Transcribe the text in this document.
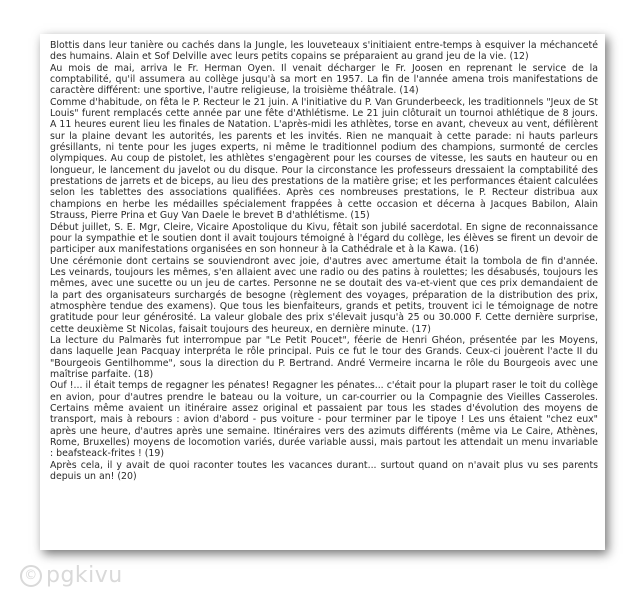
Blottis dans leur tanière ou cachés dans la Jungle, les louveteaux s'initiaient entre-temps à esquiver la méchanceté des humains. Alain et Sof Delville avec leurs petits copains se préparaient au grand jeu de la vie. (12)

Au mois de mai, arriva le Fr. Herman Oyen. Il venait décharger le Fr. Joosen en reprenant le service de la comptabilité, qu'il assumera au collège jusqu'à sa mort en 1957. La fin de l'année amena trois manifestations de caractère différent: une sportive, l'autre religieuse, la troisième théâtrale. (14)

Comme d'habitude, on fêta le P. Recteur le 21 juin. A l'initiative du P. Van Grunderbeeck, les traditionnels "Jeux de St Louis" furent remplacés cette année par une fête d'Athlétisme. Le 21 juin clôturait un tournoi athlétique de 8 jours. A 11 heures eurent lieu les finales de Natation. L'après-midi les athlètes, torse en avant, cheveux au vent, défilèrent sur la plaine devant les autorités, les parents et les invités. Rien ne manquait à cette parade: ni hauts parleurs grésillants, ni tente pour les juges experts, ni même le traditionnel podium des champions, surmonté de cercles olympiques. Au coup de pistolet, les athlètes s'engagèrent pour les courses de vitesse, les sauts en hauteur ou en longueur, le lancement du javelot ou du disque. Pour la circonstance les professeurs dressaient la comptabilité des prestations de jarrets et de biceps, au lieu des prestations de la matière grise; et les performances étaient calculées selon les tablettes des associations qualifiées. Après ces nombreuses prestations, le P. Recteur distribua aux champions en herbe les médailles spécialement frappées à cette occasion et décerna à Jacques Babilon, Alain Strauss, Pierre Prina et Guy Van Daele le brevet B d'athlétisme. (15)

Début juillet, S. E. Mgr, Cleire, Vicaire Apostolique du Kivu, fêtait son jubilé sacerdotal. En signe de reconnaissance pour la sympathie et le soutien dont il avait toujours témoigné à l'égard du collège, les élèves se firent un devoir de participer aux manifestations organisées en son honneur à la Cathédrale et à la Kawa. (16)

Une cérémonie dont certains se souviendront avec joie, d'autres avec amertume était la tombola de fin d'année. Les veinards, toujours les mêmes, s'en allaient avec une radio ou des patins à roulettes; les désabusés, toujours les mêmes, avec une sucette ou un jeu de cartes. Personne ne se doutait des va-et-vient que ces prix demandaient de la part des organisateurs surchargés de besogne (règlement des voyages, préparation de la distribution des prix, atmosphère tendue des examens). Que tous les bienfaiteurs, grands et petits, trouvent ici le témoignage de notre gratitude pour leur générosité. La valeur globale des prix s'élevait jusqu'à 25 ou 30.000 F. Cette dernière surprise, cette deuxième St Nicolas, faisait toujours des heureux, en dernière minute. (17)

La lecture du Palmarès fut interrompue par "Le Petit Poucet", féerie de Henri Ghéon, présentée par les Moyens, dans laquelle Jean Pacquay interpréta le rôle principal. Puis ce fut le tour des Grands. Ceux-ci jouèrent l'acte II du "Bourgeois Gentilhomme", sous la direction du P. Bertrand. André Vermeire incarna le rôle du Bourgeois avec une maîtrise parfaite. (18)

Ouf !... il était temps de regagner les pénates! Regagner les pénates... c'était pour la plupart raser le toit du collège en avion, pour d'autres prendre le bateau ou la voiture, un car-courrier ou la Compagnie des Vieilles Casseroles. Certains même avaient un itinéraire assez original et passaient par tous les stades d'évolution des moyens de transport, mais à rebours : avion d'abord - pus voiture - pour terminer par le tipoye ! Les uns étaient "chez eux" après une heure, d'autres après une semaine. Itinéraires vers des azimuts différents (même via Le Caire, Athènes, Rome, Bruxelles) moyens de locomotion variés, durée variable aussi, mais partout les attendait un menu invariable : beafsteack-frites ! (19)

Après cela, il y avait de quoi raconter toutes les vacances durant... surtout quand on n'avait plus vu ses parents depuis un an! (20)

© pgkivu
